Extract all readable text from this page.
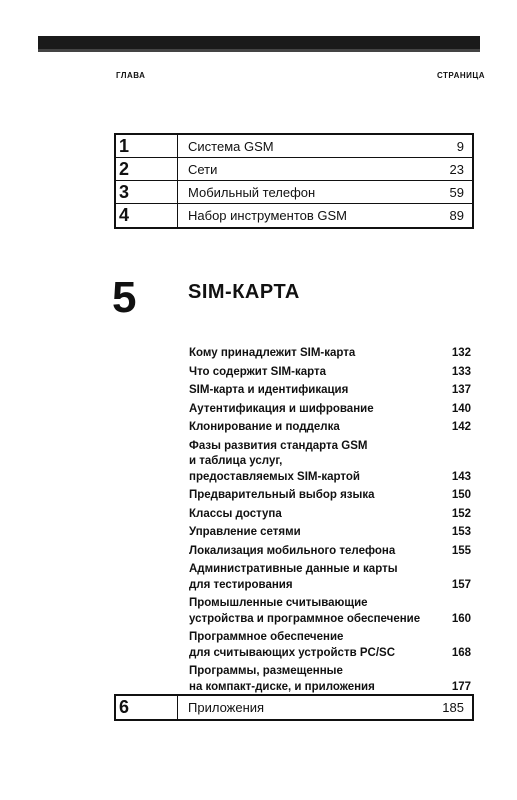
ГЛАВА	СТРАНИЦА
1	Система GSM	9
2	Сети	23
3	Мобильный телефон	59
4	Набор инструментов GSM	89
5	SIM-КАРТА
Кому принадлежит SIM-карта	132
Что содержит SIM-карта	133
SIM-карта и идентификация	137
Аутентификация и шифрование	140
Клонирование и подделка	142
Фазы развития стандарта GSM
и таблица услуг,
предоставляемых SIM-картой	143
Предварительный выбор языка	150
Классы доступа	152
Управление сетями	153
Локализация мобильного телефона	155
Административные данные и карты
для тестирования	157
Промышленные считывающие
устройства и программное обеспечение	160
Программное обеспечение
для считывающих устройств PC/SC	168
Программы, размещенные
на компакт-диске, и приложения	177
6	Приложения	185
